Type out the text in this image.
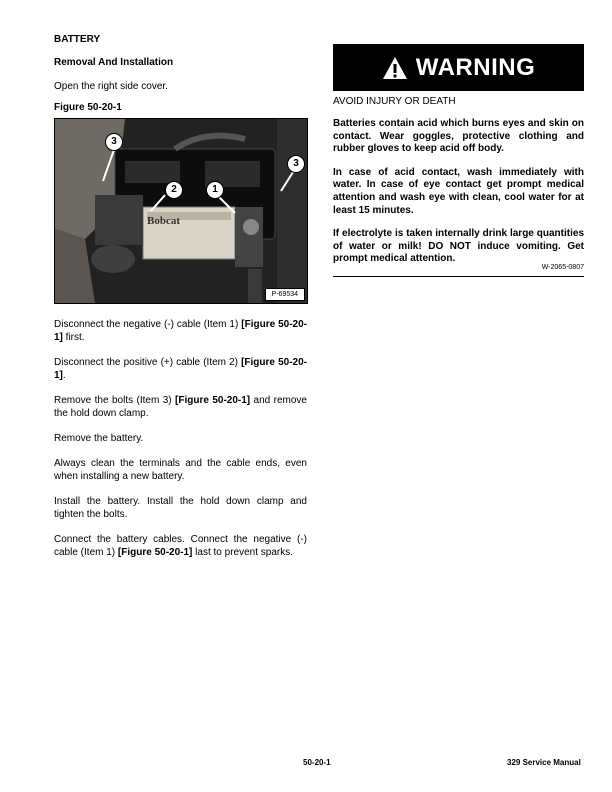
BATTERY
Removal And Installation
Open the right side cover.
Figure 50-20-1
Bobcat
3
2	1
3
P-69534

Disconnect the negative (-) cable (Item 1) [Figure 50-20-1] first.

Disconnect the positive (+) cable (Item 2) [Figure 50-20-1].

Remove the bolts (Item 3) [Figure 50-20-1] and remove the hold down clamp.

Remove the battery.

Always clean the terminals and the cable ends, even when installing a new battery.

Install the battery. Install the hold down clamp and tighten the bolts.

Connect the battery cables. Connect the negative (-) cable (Item 1) [Figure 50-20-1] last to prevent sparks.

WARNING
AVOID INJURY OR DEATH

Batteries contain acid which burns eyes and skin on contact. Wear goggles, protective clothing and rubber gloves to keep acid off body.

In case of acid contact, wash immediately with water. In case of eye contact get prompt medical attention and wash eye with clean, cool water for at least 15 minutes.

If electrolyte is taken internally drink large quantities of water or milk! DO NOT induce vomiting. Get prompt medical attention.

W-2065-0807
50-20-1	329 Service Manual
